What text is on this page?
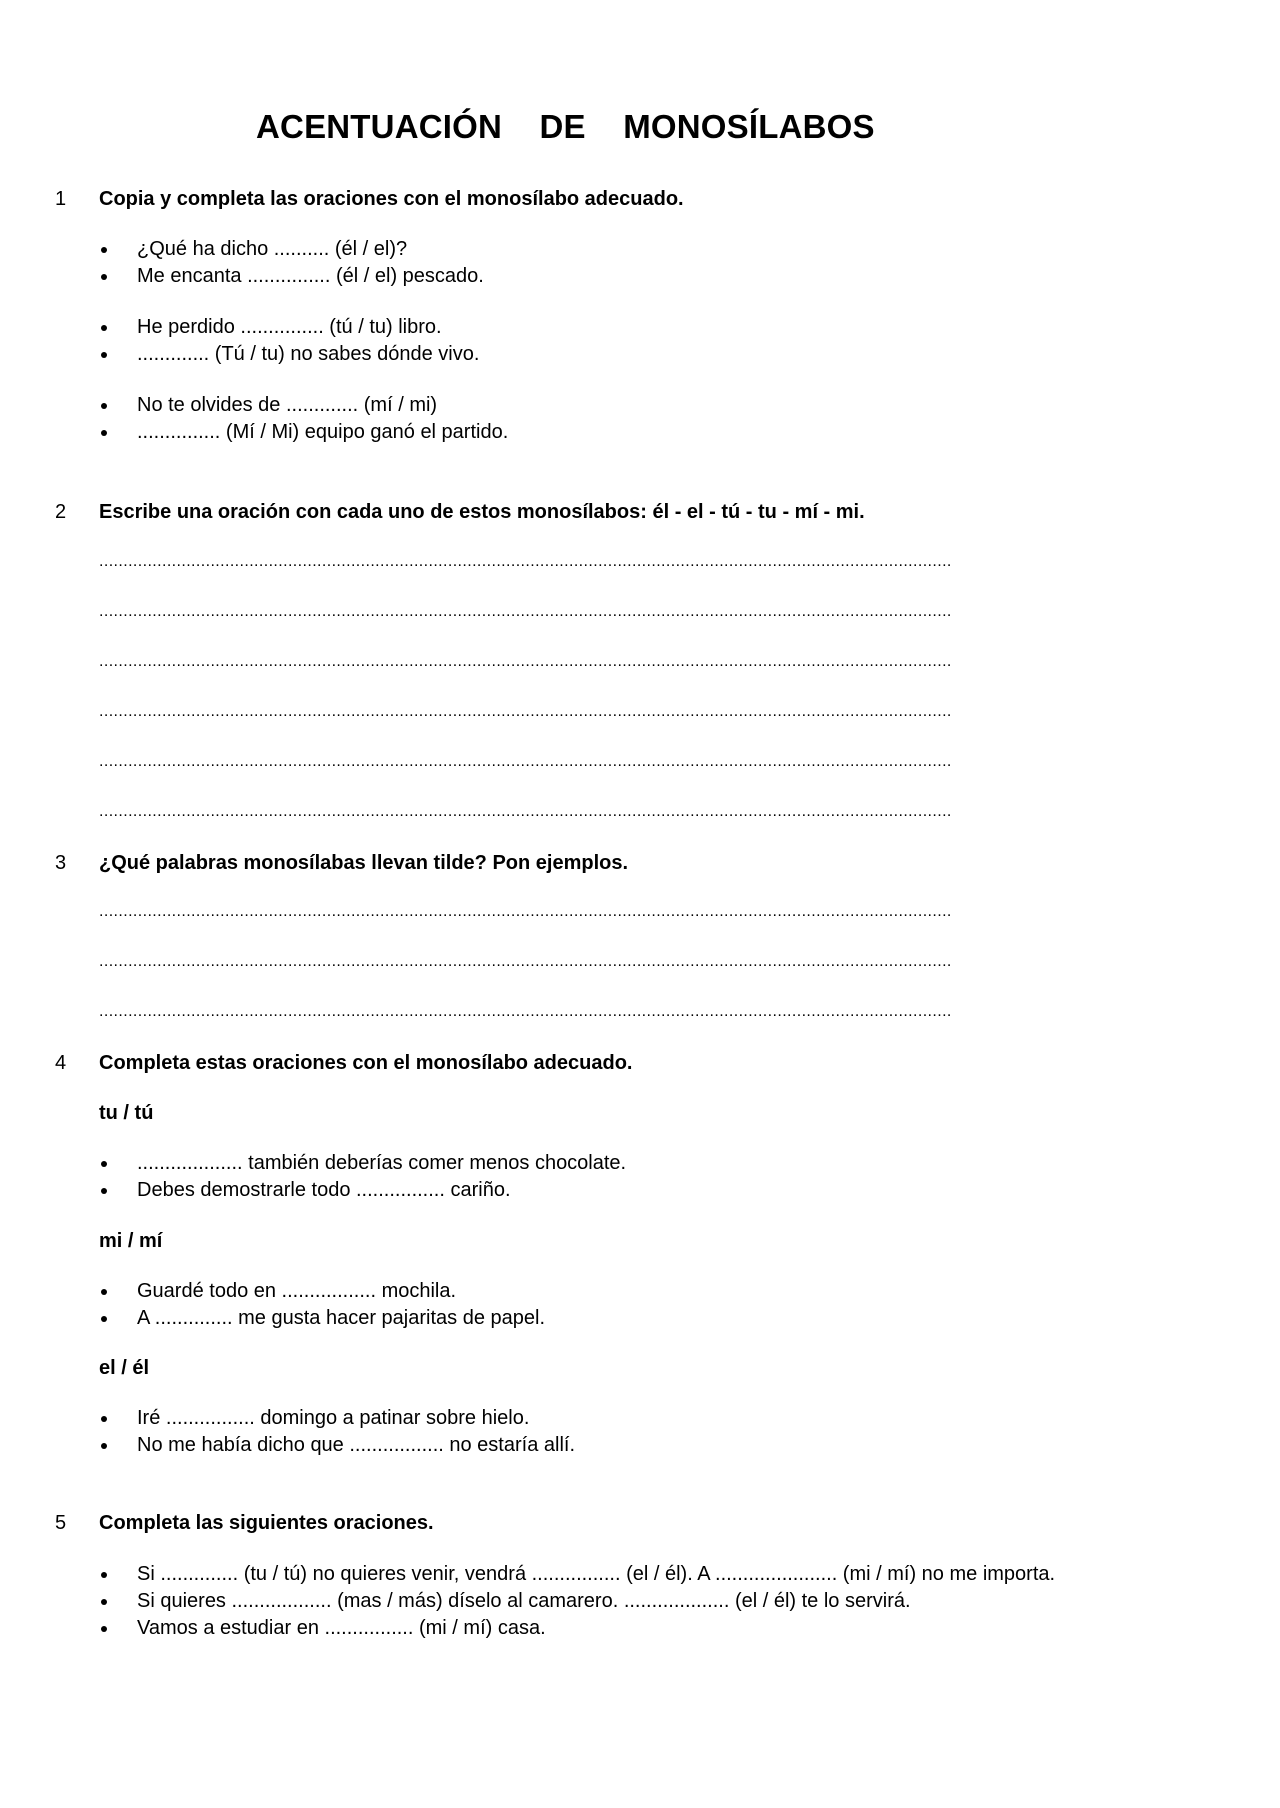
ACENTUACIÓN    DE    MONOSÍLABOS
1 Copia y completa las oraciones con el monosílabo adecuado.
¿Qué ha dicho .......... (él / el)?
Me encanta ............... (él / el) pescado.
He perdido ............... (tú / tu) libro.
............. (Tú / tu) no sabes dónde vivo.
No te olvides de ............. (mí / mi)
............... (Mí / Mi) equipo ganó el partido.
2 Escribe una oración con cada uno de estos monosílabos: él - el - tú - tu - mí - mi.
................................................................................................................................................................................
................................................................................................................................................................................
................................................................................................................................................................................
................................................................................................................................................................................
................................................................................................................................................................................
................................................................................................................................................................................
3 ¿Qué palabras monosílabas llevan tilde? Pon ejemplos.
................................................................................................................................................................................
................................................................................................................................................................................
................................................................................................................................................................................
4 Completa estas oraciones con el monosílabo adecuado.
tu / tú
................... también deberías comer menos chocolate.
Debes demostrarle todo ................ cariño.
mi / mí
Guardé todo en ................. mochila.
A .............. me gusta hacer pajaritas de papel.
el / él
Iré ................ domingo a patinar sobre hielo.
No me había dicho que ................. no estaría allí.
5 Completa las siguientes oraciones.
Si .............. (tu / tú) no quieres venir, vendrá ................ (el / él). A ...................... (mi / mí) no me importa.
Si quieres .................. (mas / más) díselo al camarero. ................... (el / él) te lo servirá.
Vamos a estudiar en ................ (mi / mí) casa.
